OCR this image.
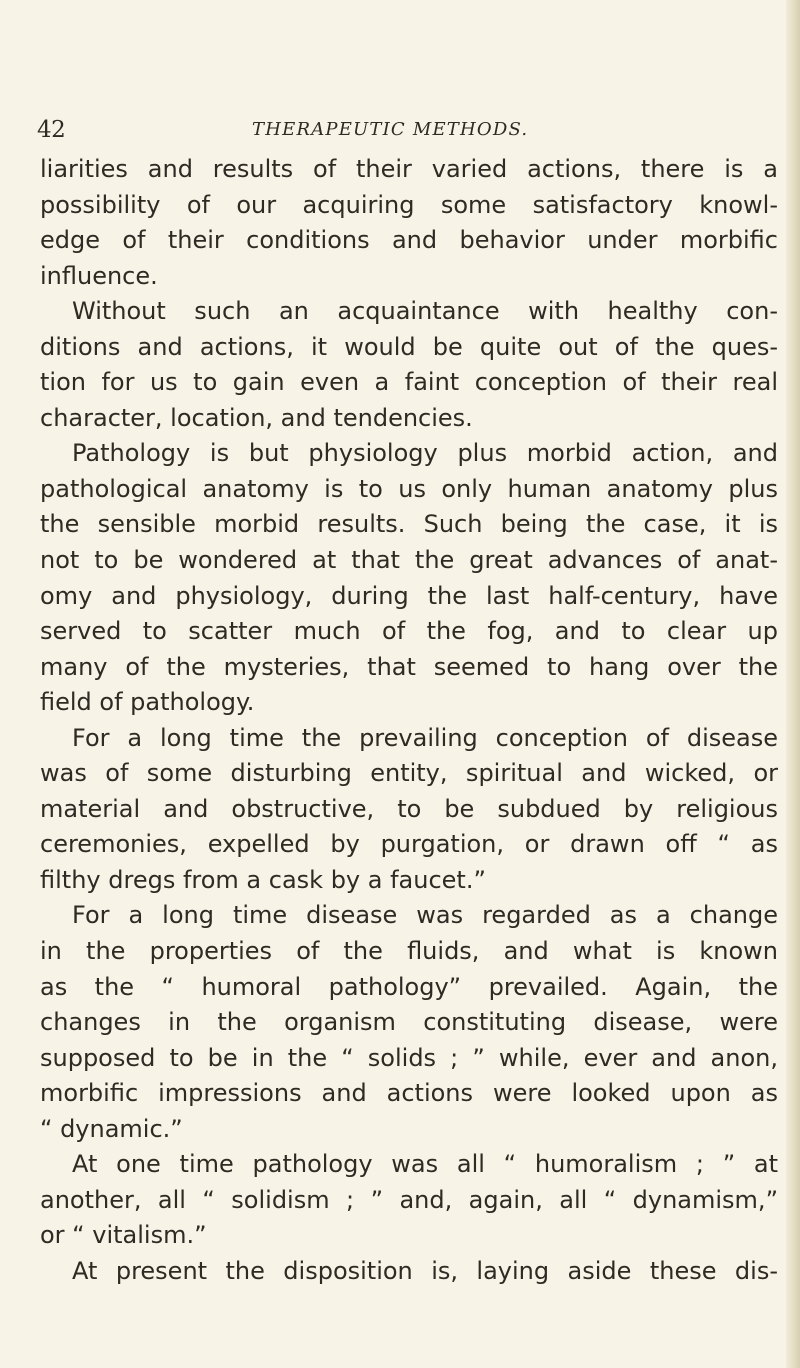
42	THERAPEUTIC METHODS.
liarities and results of their varied actions, there is a
possibility of our acquiring some satisfactory knowl-
edge of their conditions and behavior under morbific
influence.
Without such an acquaintance with healthy con-
ditions and actions, it would be quite out of the ques-
tion for us to gain even a faint conception of their real
character, location, and tendencies.
Pathology is but physiology plus morbid action, and
pathological anatomy is to us only human anatomy plus
the sensible morbid results. Such being the case, it is
not to be wondered at that the great advances of anat-
omy and physiology, during the last half-century, have
served to scatter much of the fog, and to clear up
many of the mysteries, that seemed to hang over the
field of pathology.
For a long time the prevailing conception of disease
was of some disturbing entity, spiritual and wicked, or
material and obstructive, to be subdued by religious
ceremonies, expelled by purgation, or drawn off “ as
filthy dregs from a cask by a faucet.”
For a long time disease was regarded as a change
in the properties of the fluids, and what is known
as the “ humoral pathology” prevailed. Again, the
changes in the organism constituting disease, were
supposed to be in the “ solids ; ” while, ever and anon,
morbific impressions and actions were looked upon as
“ dynamic.”
At one time pathology was all “ humoralism ; ” at
another, all “ solidism ; ” and, again, all “ dynamism,”
or “ vitalism.”
At present the disposition is, laying aside these dis-
